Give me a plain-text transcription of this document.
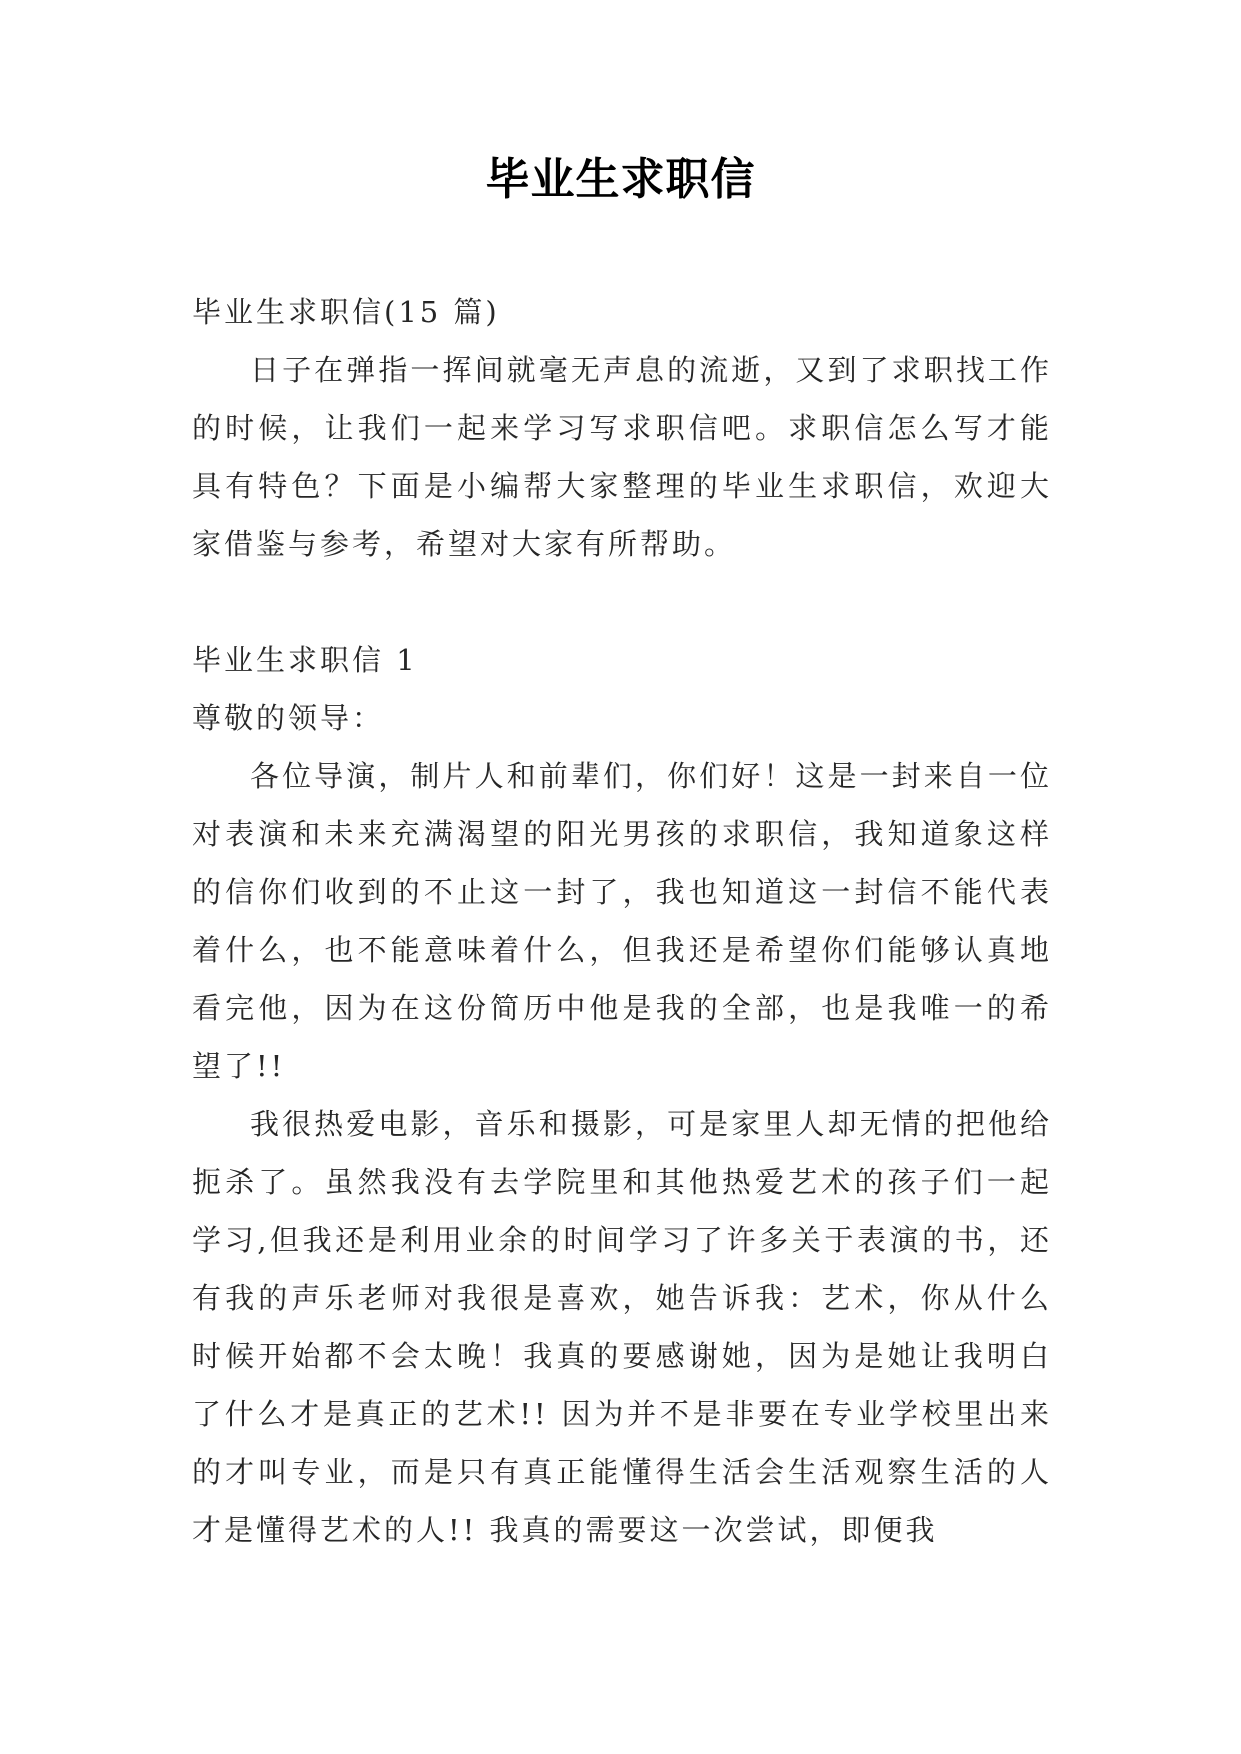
毕业生求职信

毕业生求职信(15 篇)

日子在弹指一挥间就毫无声息的流逝，又到了求职找工作的时候，让我们一起来学习写求职信吧。求职信怎么写才能具有特色？下面是小编帮大家整理的毕业生求职信，欢迎大家借鉴与参考，希望对大家有所帮助。

毕业生求职信 1

尊敬的领导：

各位导演，制片人和前辈们，你们好！这是一封来自一位对表演和未来充满渴望的阳光男孩的求职信，我知道象这样的信你们收到的不止这一封了，我也知道这一封信不能代表着什么，也不能意味着什么，但我还是希望你们能够认真地看完他，因为在这份简历中他是我的全部，也是我唯一的希望了!!

我很热爱电影，音乐和摄影，可是家里人却无情的把他给扼杀了。虽然我没有去学院里和其他热爱艺术的孩子们一起学习,但我还是利用业余的时间学习了许多关于表演的书，还有我的声乐老师对我很是喜欢，她告诉我：艺术，你从什么时候开始都不会太晚！我真的要感谢她，因为是她让我明白了什么才是真正的艺术!! 因为并不是非要在专业学校里出来的才叫专业，而是只有真正能懂得生活会生活观察生活的人才是懂得艺术的人!! 我真的需要这一次尝试，即便我
